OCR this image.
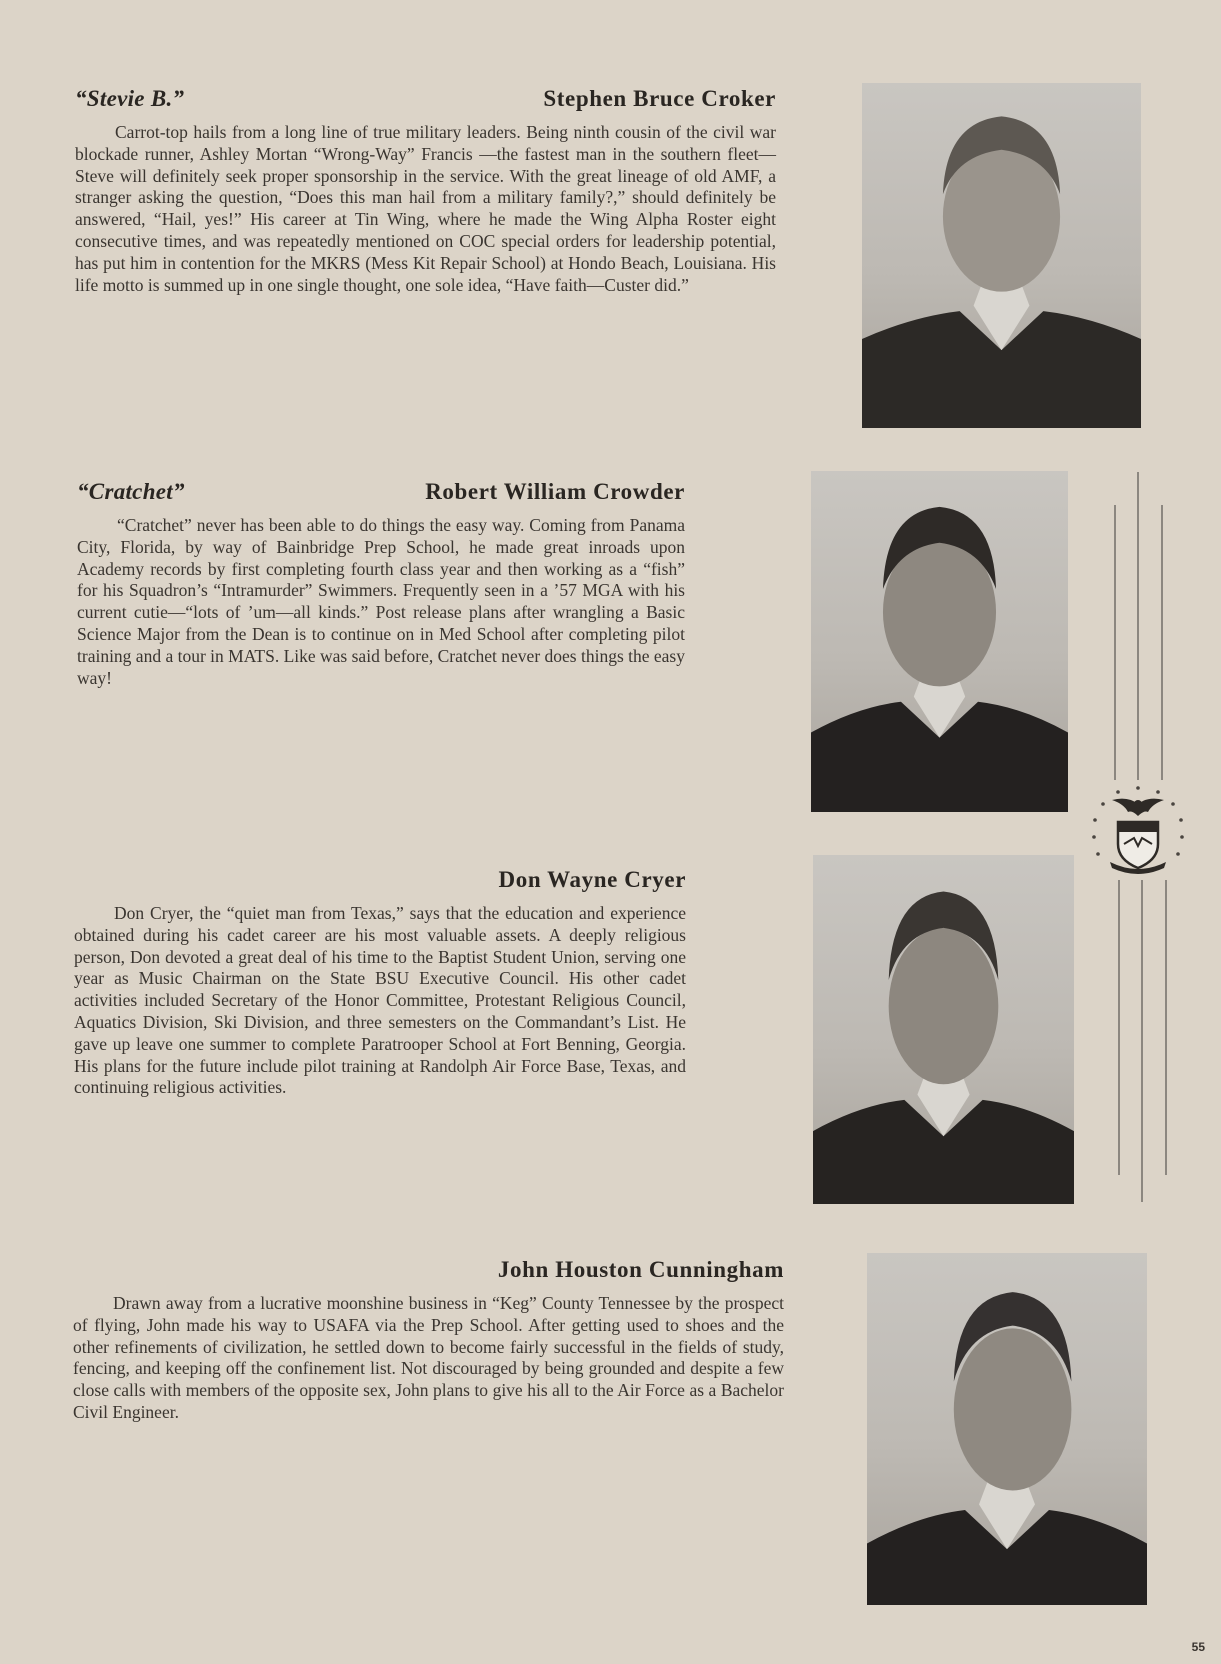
“Stevie B.”	Stephen Bruce Croker

Carrot-top hails from a long line of true military leaders. Being ninth cousin of the civil war blockade runner, Ashley Mortan “Wrong-Way” Francis —the fastest man in the southern fleet—Steve will definitely seek proper sponsorship in the service. With the great lineage of old AMF, a stranger asking the question, “Does this man hail from a military family?,” should definitely be answered, “Hail, yes!” His career at Tin Wing, where he made the Wing Alpha Roster eight consecutive times, and was repeatedly mentioned on COC special orders for leadership potential, has put him in contention for the MKRS (Mess Kit Repair School) at Hondo Beach, Louisiana. His life motto is summed up in one single thought, one sole idea, “Have faith—Custer did.”

“Cratchet”	Robert William Crowder

“Cratchet” never has been able to do things the easy way. Coming from Panama City, Florida, by way of Bainbridge Prep School, he made great inroads upon Academy records by first completing fourth class year and then working as a “fish” for his Squadron’s “Intramurder” Swimmers. Frequently seen in a ’57 MGA with his current cutie—“lots of ’um—all kinds.” Post release plans after wrangling a Basic Science Major from the Dean is to continue on in Med School after completing pilot training and a tour in MATS. Like was said before, Cratchet never does things the easy way!

Don Wayne Cryer

Don Cryer, the “quiet man from Texas,” says that the education and experience obtained during his cadet career are his most valuable assets. A deeply religious person, Don devoted a great deal of his time to the Baptist Student Union, serving one year as Music Chairman on the State BSU Executive Council. His other cadet activities included Secretary of the Honor Committee, Protestant Religious Council, Aquatics Division, Ski Division, and three semesters on the Commandant’s List. He gave up leave one summer to complete Paratrooper School at Fort Benning, Georgia. His plans for the future include pilot training at Randolph Air Force Base, Texas, and continuing religious activities.

John Houston Cunningham

Drawn away from a lucrative moonshine business in “Keg” County Tennessee by the prospect of flying, John made his way to USAFA via the Prep School. After getting used to shoes and the other refinements of civilization, he settled down to become fairly successful in the fields of study, fencing, and keeping off the confinement list. Not discouraged by being grounded and despite a few close calls with members of the opposite sex, John plans to give his all to the Air Force as a Bachelor Civil Engineer.

55
